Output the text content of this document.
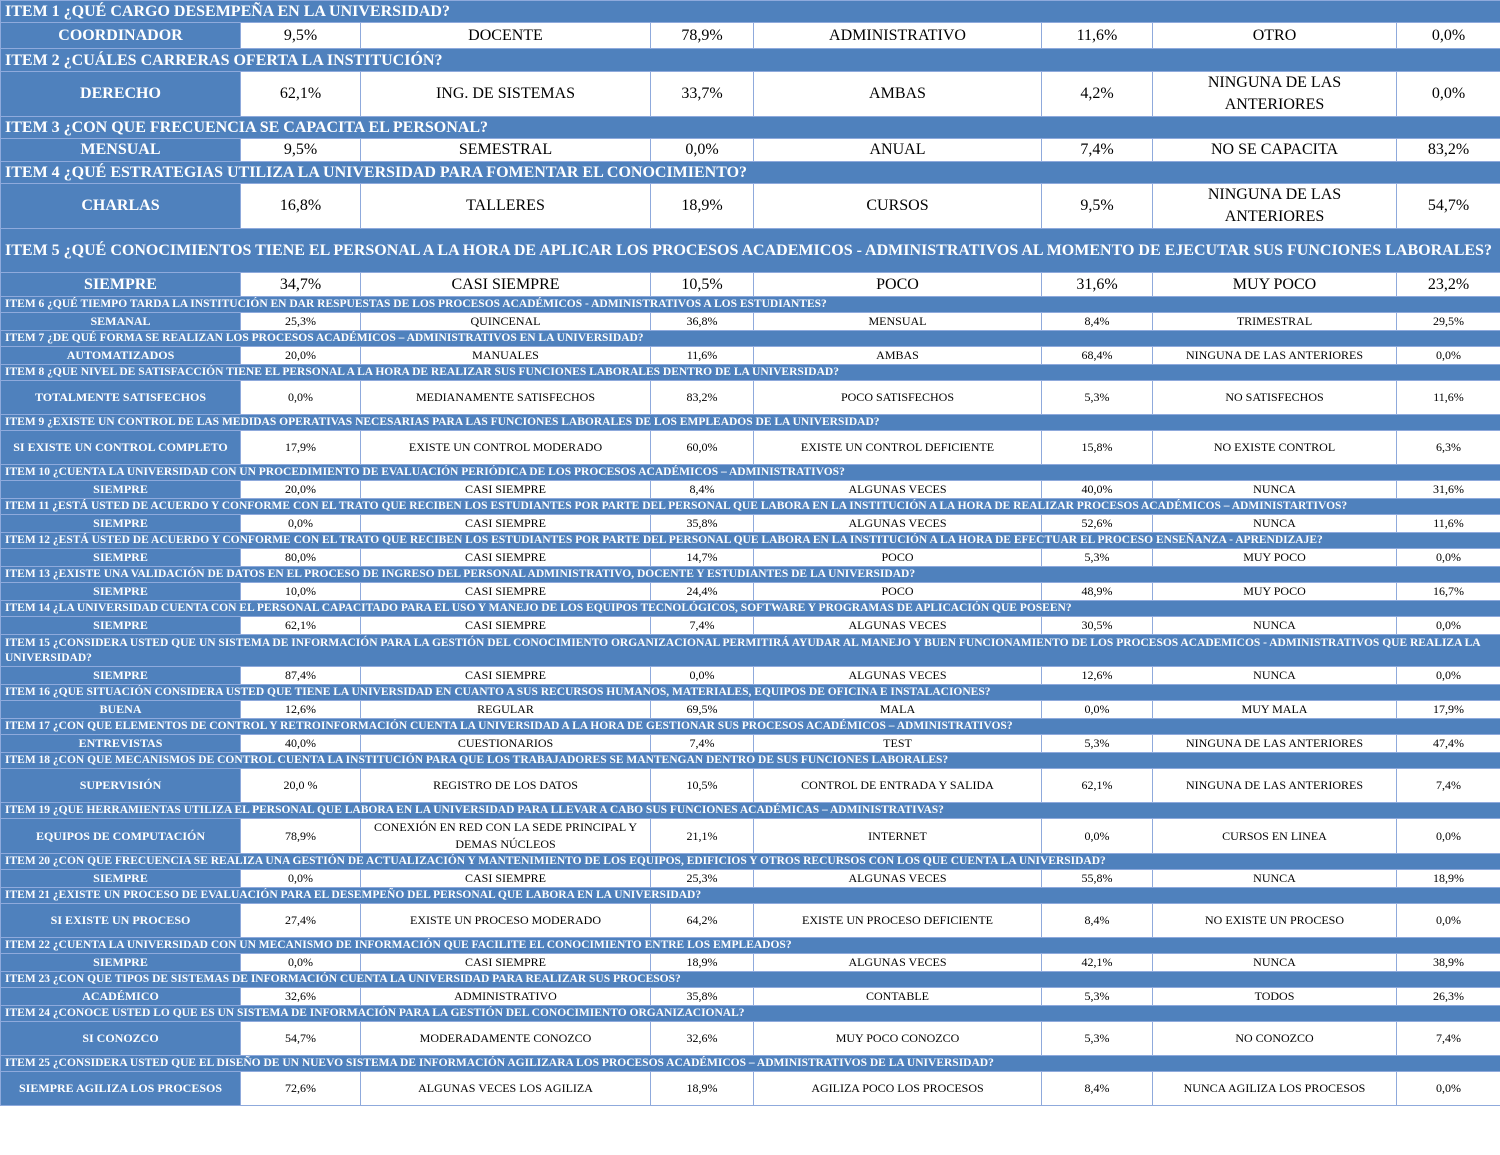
ITEM 1 ¿QUÉ CARGO DESEMPEÑA EN LA UNIVERSIDAD?							
COORDINADOR	9,5%	DOCENTE	78,9%	ADMINISTRATIVO	11,6%	OTRO	0,0%
ITEM 2 ¿CUÁLES CARRERAS OFERTA LA INSTITUCIÓN?							
DERECHO	62,1%	ING. DE SISTEMAS	33,7%	AMBAS	4,2%	NINGUNA DE LAS ANTERIORES	0,0%
ITEM 3 ¿CON QUE FRECUENCIA SE CAPACITA EL PERSONAL?							
MENSUAL	9,5%	SEMESTRAL	0,0%	ANUAL	7,4%	NO SE CAPACITA	83,2%
ITEM 4 ¿QUÉ ESTRATEGIAS UTILIZA LA UNIVERSIDAD PARA FOMENTAR EL CONOCIMIENTO?							
CHARLAS	16,8%	TALLERES	18,9%	CURSOS	9,5%	NINGUNA DE LAS ANTERIORES	54,7%
ITEM 5 ¿QUÉ CONOCIMIENTOS TIENE EL PERSONAL A LA HORA DE APLICAR LOS PROCESOS ACADEMICOS - ADMINISTRATIVOS AL MOMENTO DE EJECUTAR SUS FUNCIONES LABORALES?							
SIEMPRE	34,7%	CASI SIEMPRE	10,5%	POCO	31,6%	MUY POCO	23,2%
ITEM 6 ¿QUÉ TIEMPO TARDA LA INSTITUCIÓN EN DAR RESPUESTAS DE LOS PROCESOS ACADÉMICOS - ADMINISTRATIVOS A LOS ESTUDIANTES?							
SEMANAL	25,3%	QUINCENAL	36,8%	MENSUAL	8,4%	TRIMESTRAL	29,5%
ITEM 7 ¿DE QUÉ FORMA SE REALIZAN LOS PROCESOS ACADÉMICOS – ADMINISTRATIVOS EN LA UNIVERSIDAD?							
AUTOMATIZADOS	20,0%	MANUALES	11,6%	AMBAS	68,4%	NINGUNA DE LAS ANTERIORES	0,0%
ITEM 8 ¿QUE NIVEL DE SATISFACCIÓN TIENE EL PERSONAL A LA HORA DE REALIZAR SUS FUNCIONES LABORALES DENTRO DE LA UNIVERSIDAD?							
TOTALMENTE SATISFECHOS	0,0%	MEDIANAMENTE SATISFECHOS	83,2%	POCO SATISFECHOS	5,3%	NO SATISFECHOS	11,6%
ITEM 9 ¿EXISTE UN CONTROL DE LAS MEDIDAS OPERATIVAS NECESARIAS PARA LAS FUNCIONES LABORALES DE LOS EMPLEADOS DE LA UNIVERSIDAD?							
SI EXISTE UN CONTROL COMPLETO	17,9%	EXISTE UN CONTROL MODERADO	60,0%	EXISTE UN CONTROL DEFICIENTE	15,8%	NO EXISTE CONTROL	6,3%
ITEM 10 ¿CUENTA LA UNIVERSIDAD CON UN PROCEDIMIENTO DE EVALUACIÓN PERIÓDICA DE LOS PROCESOS ACADÉMICOS – ADMINISTRATIVOS?							
SIEMPRE	20,0%	CASI SIEMPRE	8,4%	ALGUNAS VECES	40,0%	NUNCA	31,6%
ITEM 11 ¿ESTÁ USTED DE ACUERDO Y CONFORME CON EL TRATO QUE RECIBEN LOS ESTUDIANTES POR PARTE DEL PERSONAL QUE LABORA EN LA INSTITUCIÓN A LA HORA DE REALIZAR PROCESOS ACADÉMICOS – ADMINISTARTIVOS?							
SIEMPRE	0,0%	CASI SIEMPRE	35,8%	ALGUNAS VECES	52,6%	NUNCA	11,6%
ITEM 12 ¿ESTÁ USTED DE ACUERDO Y CONFORME CON EL TRATO QUE RECIBEN LOS ESTUDIANTES POR PARTE DEL PERSONAL QUE LABORA EN LA INSTITUCIÓN A LA HORA DE EFECTUAR EL PROCESO ENSEÑANZA - APRENDIZAJE?							
SIEMPRE	80,0%	CASI SIEMPRE	14,7%	POCO	5,3%	MUY POCO	0,0%
ITEM 13 ¿EXISTE UNA VALIDACIÓN DE DATOS EN EL PROCESO DE INGRESO DEL PERSONAL ADMINISTRATIVO, DOCENTE Y ESTUDIANTES DE LA UNIVERSIDAD?							
SIEMPRE	10,0%	CASI SIEMPRE	24,4%	POCO	48,9%	MUY POCO	16,7%
ITEM 14 ¿LA UNIVERSIDAD CUENTA CON EL PERSONAL CAPACITADO PARA EL USO Y MANEJO DE LOS EQUIPOS TECNOLÓGICOS, SOFTWARE Y PROGRAMAS DE APLICACIÓN QUE POSEEN?							
SIEMPRE	62,1%	CASI SIEMPRE	7,4%	ALGUNAS VECES	30,5%	NUNCA	0,0%
ITEM 15 ¿CONSIDERA USTED QUE UN SISTEMA DE INFORMACIÓN PARA LA GESTIÓN DEL CONOCIMIENTO ORGANIZACIONAL PERMITIRÁ AYUDAR AL MANEJO Y BUEN FUNCIONAMIENTO DE LOS PROCESOS ACADEMICOS - ADMINISTRATIVOS QUE REALIZA LA UNIVERSIDAD?							
SIEMPRE	87,4%	CASI SIEMPRE	0,0%	ALGUNAS VECES	12,6%	NUNCA	0,0%
ITEM 16 ¿QUE SITUACIÓN CONSIDERA USTED QUE TIENE LA UNIVERSIDAD EN CUANTO A SUS RECURSOS HUMANOS, MATERIALES, EQUIPOS DE OFICINA E INSTALACIONES?							
BUENA	12,6%	REGULAR	69,5%	MALA	0,0%	MUY MALA	17,9%
ITEM 17 ¿CON QUE ELEMENTOS DE CONTROL Y RETROINFORMACIÓN CUENTA LA UNIVERSIDAD A LA HORA DE GESTIONAR SUS PROCESOS ACADÉMICOS – ADMINISTRATIVOS?							
ENTREVISTAS	40,0%	CUESTIONARIOS	7,4%	TEST	5,3%	NINGUNA DE LAS ANTERIORES	47,4%
ITEM 18 ¿CON QUE MECANISMOS DE CONTROL CUENTA LA INSTITUCIÓN PARA QUE LOS TRABAJADORES SE MANTENGAN DENTRO DE SUS FUNCIONES LABORALES?							
SUPERVISIÓN	20,0 %	REGISTRO DE LOS DATOS	10,5%	CONTROL DE ENTRADA Y SALIDA	62,1%	NINGUNA DE LAS ANTERIORES	7,4%
ITEM 19 ¿QUE HERRAMIENTAS UTILIZA EL PERSONAL QUE LABORA EN LA UNIVERSIDAD PARA LLEVAR A CABO SUS FUNCIONES ACADÉMICAS – ADMINISTRATIVAS?							
EQUIPOS DE COMPUTACIÓN	78,9%	CONEXIÓN EN RED CON LA SEDE PRINCIPAL Y DEMAS NÚCLEOS	21,1%	INTERNET	0,0%	CURSOS EN LINEA	0,0%
ITEM 20 ¿CON QUE FRECUENCIA SE REALIZA UNA GESTIÓN DE ACTUALIZACIÓN Y MANTENIMIENTO DE LOS EQUIPOS, EDIFICIOS Y OTROS RECURSOS CON LOS QUE CUENTA LA UNIVERSIDAD?							
SIEMPRE	0,0%	CASI SIEMPRE	25,3%	ALGUNAS VECES	55,8%	NUNCA	18,9%
ITEM 21 ¿EXISTE UN PROCESO DE EVALUACIÓN PARA EL DESEMPEÑO DEL PERSONAL QUE LABORA EN LA UNIVERSIDAD?							
SI EXISTE UN PROCESO	27,4%	EXISTE UN PROCESO MODERADO	64,2%	EXISTE UN PROCESO DEFICIENTE	8,4%	NO EXISTE UN PROCESO	0,0%
ITEM 22 ¿CUENTA LA UNIVERSIDAD CON UN MECANISMO DE INFORMACIÓN QUE FACILITE EL CONOCIMIENTO ENTRE LOS EMPLEADOS?							
SIEMPRE	0,0%	CASI SIEMPRE	18,9%	ALGUNAS VECES	42,1%	NUNCA	38,9%
ITEM 23 ¿CON QUE TIPOS DE SISTEMAS DE INFORMACIÓN CUENTA LA UNIVERSIDAD PARA REALIZAR SUS PROCESOS?							
ACADÉMICO	32,6%	ADMINISTRATIVO	35,8%	CONTABLE	5,3%	TODOS	26,3%
ITEM 24 ¿CONOCE USTED LO QUE ES UN SISTEMA DE INFORMACIÓN PARA LA GESTIÓN DEL CONOCIMIENTO ORGANIZACIONAL?							
SI CONOZCO	54,7%	MODERADAMENTE CONOZCO	32,6%	MUY POCO CONOZCO	5,3%	NO CONOZCO	7,4%
ITEM 25 ¿CONSIDERA USTED QUE EL DISEÑO DE UN NUEVO SISTEMA DE INFORMACIÓN AGILIZARA LOS PROCESOS ACADÉMICOS – ADMINISTRATIVOS DE LA UNIVERSIDAD?							
SIEMPRE AGILIZA LOS PROCESOS	72,6%	ALGUNAS VECES LOS AGILIZA	18,9%	AGILIZA POCO LOS PROCESOS	8,4%	NUNCA AGILIZA LOS PROCESOS	0,0%
